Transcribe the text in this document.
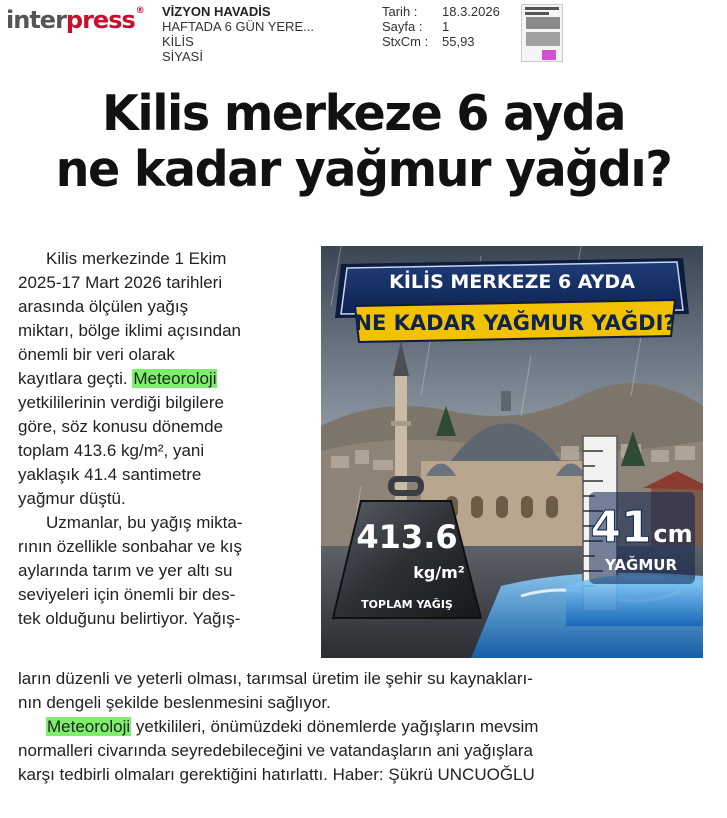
interpress® VİZYON HAVADİS
HAFTADA 6 GÜN YERE...
KİLİS
SİYASİ
Tarih :	18.3.2026
Sayfa :	1
StxCm :	55,93
Kilis merkeze 6 ayda
ne kadar yağmur yağdı?
Kilis merkezinde 1 Ekim
2025-17 Mart 2026 tarihleri
arasında ölçülen yağış
miktarı, bölge iklimi açısından
önemli bir veri olarak
kayıtlara geçti. Meteoroloji
yetkililerinin verdiği bilgilere
göre, söz konusu dönemde
toplam 413.6 kg/m², yani
yaklaşık 41.4 santimetre
yağmur düştü.
Uzmanlar, bu yağış mikta-
rının özellikle sonbahar ve kış
aylarında tarım ve yer altı su
seviyeleri için önemli bir des-
tek olduğunu belirtiyor. Yağış-
ların düzenli ve yeterli olması, tarımsal üretim ile şehir su kaynakları-
nın dengeli şekilde beslenmesini sağlıyor.
Meteoroloji yetkilileri, önümüzdeki dönemlerde yağışların mevsim
normalleri civarında seyredebileceğini ve vatandaşların ani yağışlara
karşı tedbirli olmaları gerektiğini hatırlattı. Haber: Şükrü UNCUOĞLU
KİLİS MERKEZE 6 AYDA
NE KADAR YAĞMUR YAĞDI?
413.6
kg/m²
TOPLAM YAĞIŞ
41 cm
YAĞMUR
